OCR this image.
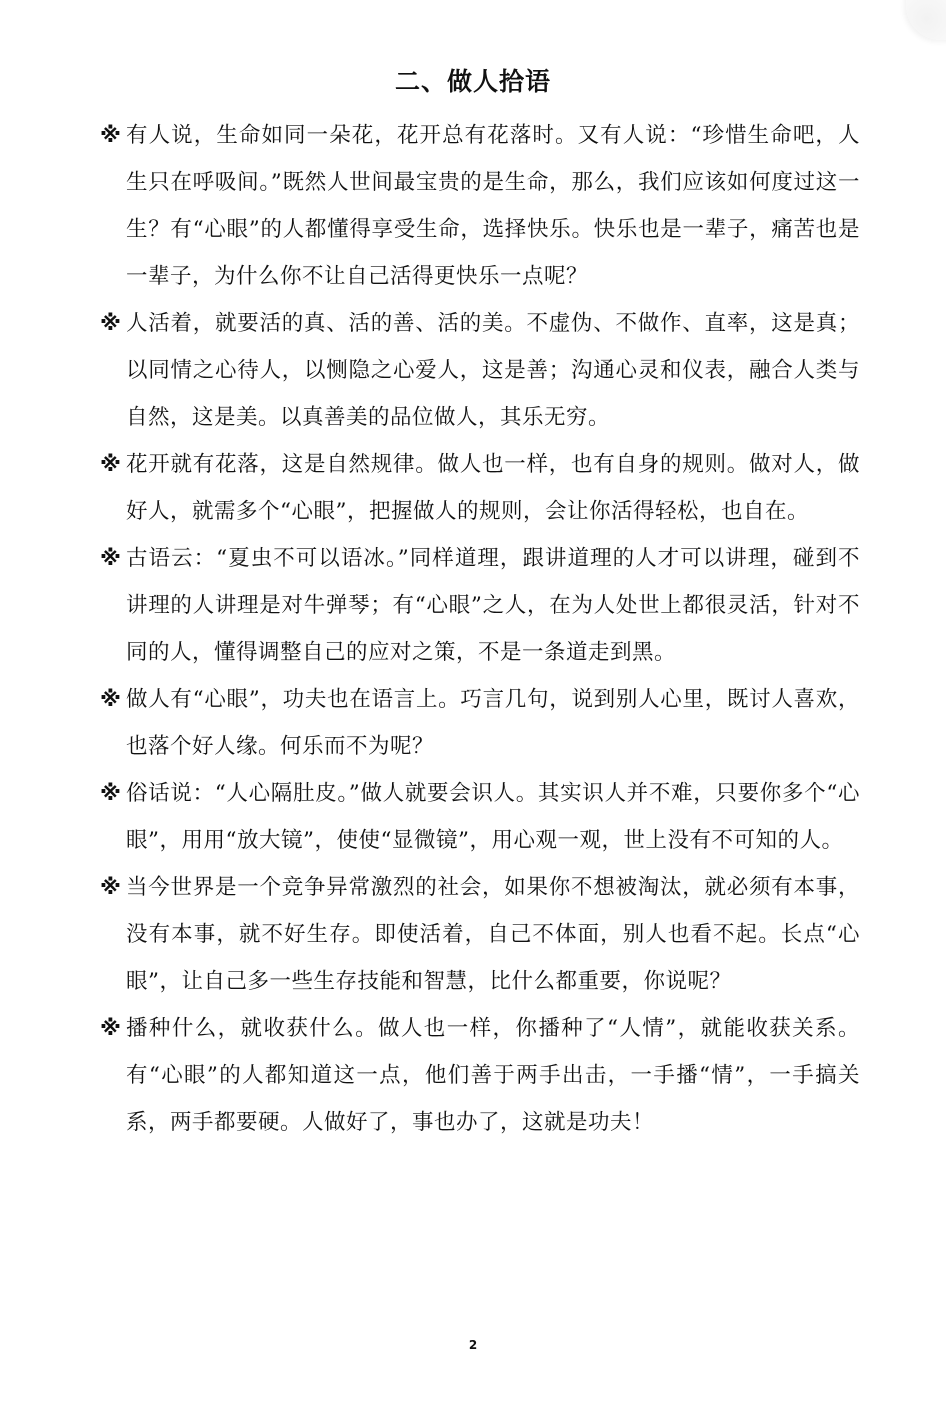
二、做人拾语
※ 有人说，生命如同一朵花，花开总有花落时。又有人说：“珍惜生命吧，人生只在呼吸间。”既然人世间最宝贵的是生命，那么，我们应该如何度过这一生？有“心眼”的人都懂得享受生命，选择快乐。快乐也是一辈子，痛苦也是一辈子，为什么你不让自己活得更快乐一点呢？
※ 人活着，就要活的真、活的善、活的美。不虚伪、不做作、直率，这是真；以同情之心待人，以恻隐之心爱人，这是善；沟通心灵和仪表，融合人类与自然，这是美。以真善美的品位做人，其乐无穷。
※ 花开就有花落，这是自然规律。做人也一样，也有自身的规则。做对人，做好人，就需多个“心眼”，把握做人的规则，会让你活得轻松，也自在。
※ 古语云：“夏虫不可以语冰。”同样道理，跟讲道理的人才可以讲理，碰到不讲理的人讲理是对牛弹琴；有“心眼”之人，在为人处世上都很灵活，针对不同的人，懂得调整自己的应对之策，不是一条道走到黑。
※ 做人有“心眼”，功夫也在语言上。巧言几句，说到别人心里，既讨人喜欢，也落个好人缘。何乐而不为呢？
※ 俗话说：“人心隔肚皮。”做人就要会识人。其实识人并不难，只要你多个“心眼”，用用“放大镜”，使使“显微镜”，用心观一观，世上没有不可知的人。
※ 当今世界是一个竞争异常激烈的社会，如果你不想被淘汰，就必须有本事，没有本事，就不好生存。即使活着，自己不体面，别人也看不起。长点“心眼”，让自己多一些生存技能和智慧，比什么都重要，你说呢？
※ 播种什么，就收获什么。做人也一样，你播种了“人情”，就能收获关系。有“心眼”的人都知道这一点，他们善于两手出击，一手播“情”，一手搞关系，两手都要硬。人做好了，事也办了，这就是功夫！
2
